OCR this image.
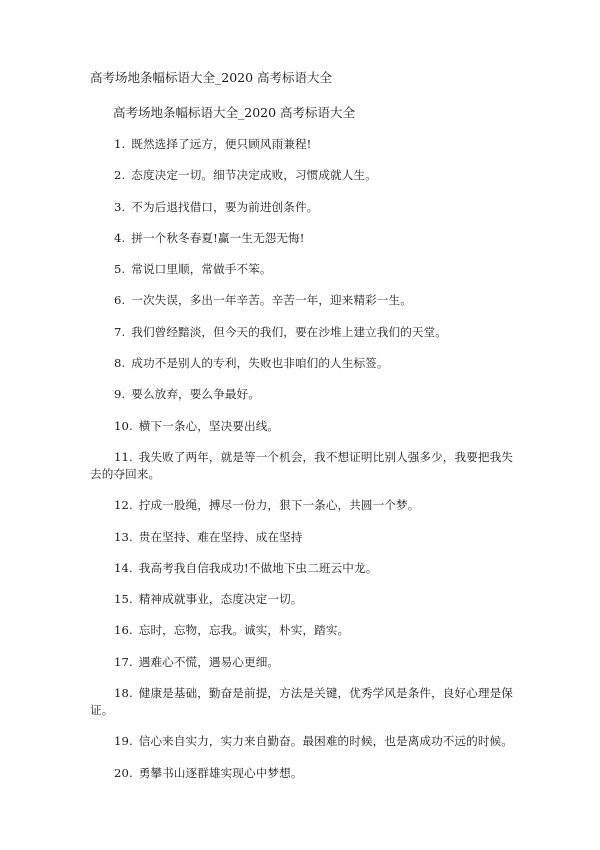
高考场地条幅标语大全_2020 高考标语大全
高考场地条幅标语大全_2020 高考标语大全
1. 既然选择了远方，便只顾风雨兼程!
2. 态度决定一切。细节决定成败，习惯成就人生。
3. 不为后退找借口，要为前进创条件。
4. 拼一个秋冬春夏!赢一生无怨无悔!
5. 常说口里顺，常做手不笨。
6. 一次失误，多出一年辛苦。辛苦一年，迎来精彩一生。
7. 我们曾经黯淡，但今天的我们，要在沙堆上建立我们的天堂。
8. 成功不是别人的专利，失败也非咱们的人生标签。
9. 要么放弃，要么争最好。
10. 横下一条心，坚决要出线。
11. 我失败了两年，就是等一个机会，我不想证明比别人强多少，我要把我失去的夺回来。
12. 拧成一股绳，搏尽一份力，狠下一条心，共圆一个梦。
13. 贵在坚持、难在坚持、成在坚持
14. 我高考我自信我成功!不做地下虫二班云中龙。
15. 精神成就事业，态度决定一切。
16. 忘时，忘物，忘我。诚实，朴实，踏实。
17. 遇难心不慌，遇易心更细。
18. 健康是基础，勤奋是前提，方法是关键，优秀学风是条件，良好心理是保证。
19. 信心来自实力，实力来自勤奋。最困难的时候，也是离成功不远的时候。
20. 勇攀书山逐群雄实现心中梦想。
